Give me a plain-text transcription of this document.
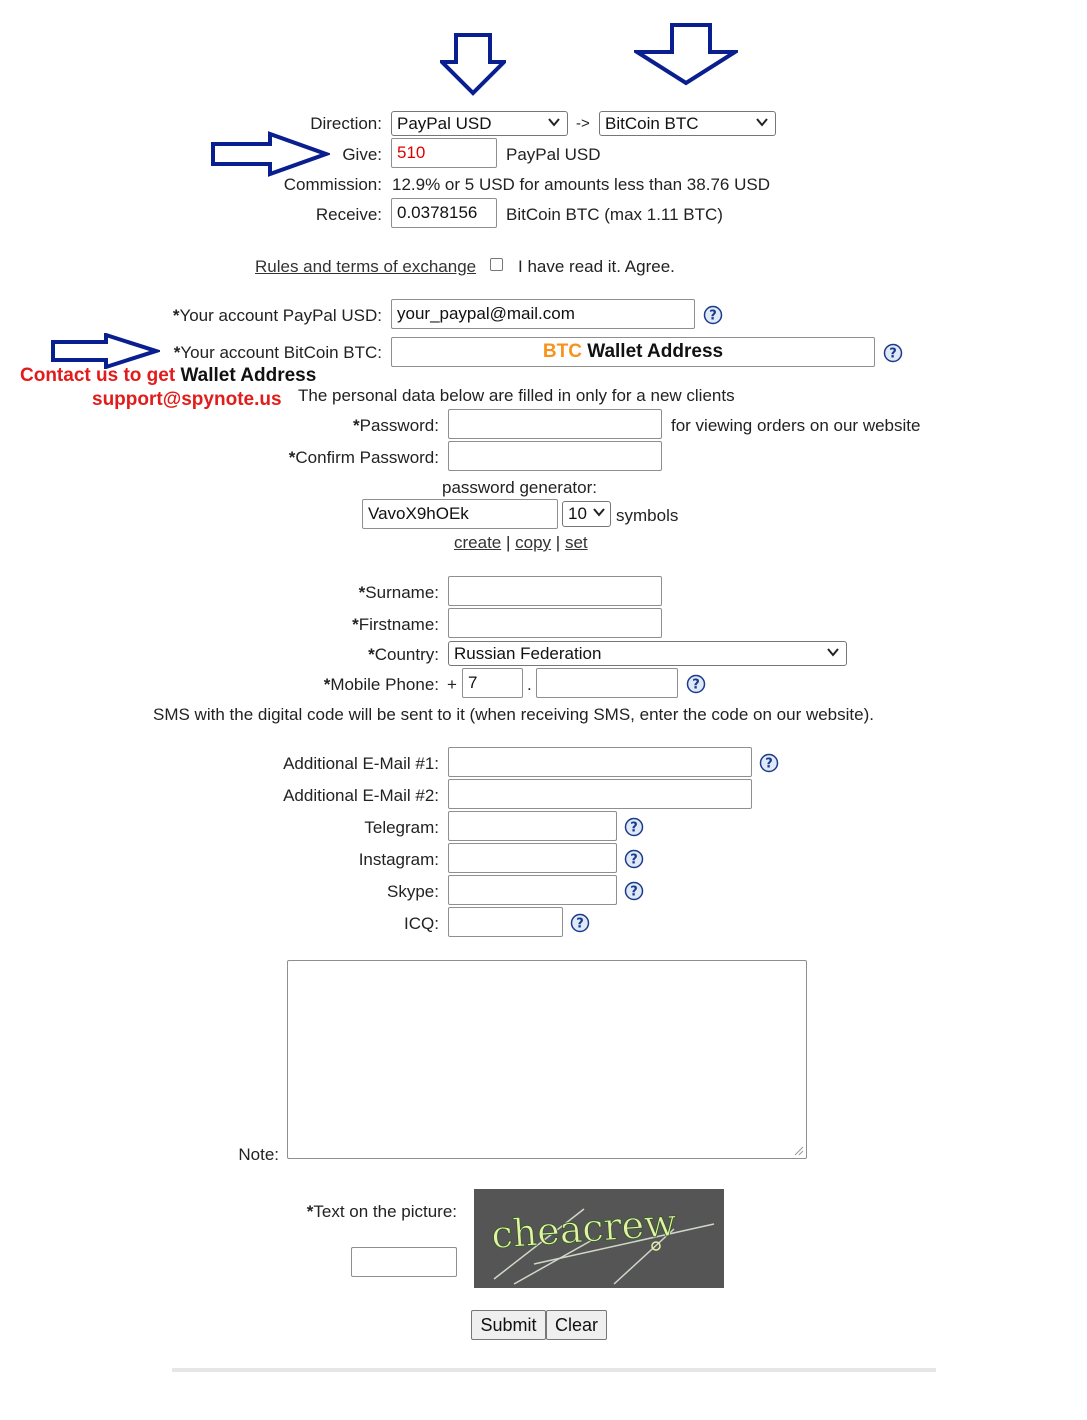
Direction: PayPal USD	-> BitCoin BTC
Give: 510	PayPal USD
Commission: 12.9% or 5 USD for amounts less than 38.76 USD
Receive: 0.0378156	BitCoin BTC (max 1.11 BTC)
Rules and terms of exchange I have read it. Agree.
*Your account PayPal USD: your_paypal@mail.com	?
*Your account BitCoin BTC:	BTC Wallet Address	?
Contact us to get Wallet Address
support@spynote.us The personal data below are filled in only for a new clients
*Password:	for viewing orders on our website
*Confirm Password:
password generator:
VavoX9hOEk	10	symbols
create | copy | set
*Surname:
*Firstname:
*Country: Russian Federation
*Mobile Phone: + 7	.	?
SMS with the digital code will be sent to it (when receiving SMS, enter the code on our website).
Additional E-Mail #1:	?
Additional E-Mail #2:
Telegram:	?
Instagram:	?
Skype:	?
ICQ:	?
Note:
*Text on the picture: cheacrew
Submit	Clear
